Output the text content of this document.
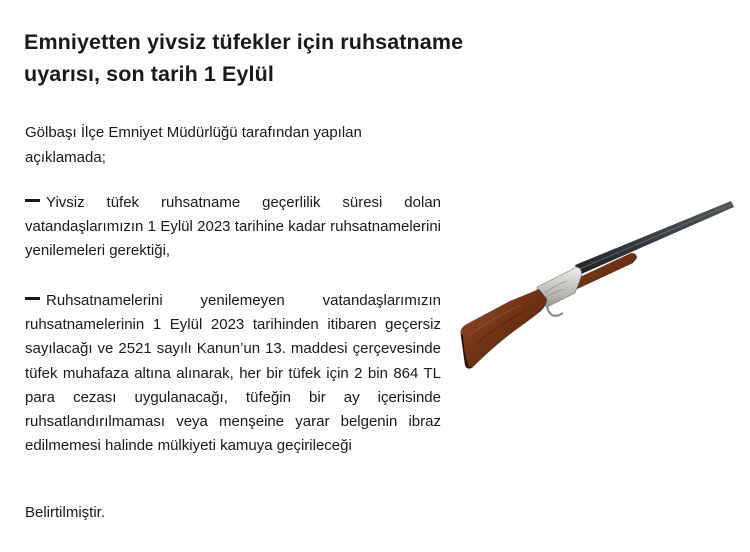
Emniyetten yivsiz tüfekler için ruhsatname uyarısı, son tarih 1 Eylül

Gölbaşı İlçe Emniyet Müdürlüğü tarafından yapılan açıklamada;

Yivsiz tüfek ruhsatname geçerlilik süresi dolan vatandaşlarımızın 1 Eylül 2023 tarihine kadar ruhsatnamelerini yenilemeleri gerektiği,

Ruhsatnamelerini yenilemeyen vatandaşlarımızın ruhsatnamelerinin 1 Eylül 2023 tarihinden itibaren geçersiz sayılacağı ve 2521 sayılı Kanun’un 13. maddesi çerçevesinde tüfek muhafaza altına alınarak, her bir tüfek için 2 bin 864 TL para cezası uygulanacağı, tüfeğin bir ay içerisinde ruhsatlandırılmaması veya menşeine yarar belgenin ibraz edilmemesi halinde mülkiyeti kamuya geçirileceği

Belirtilmiştir.
